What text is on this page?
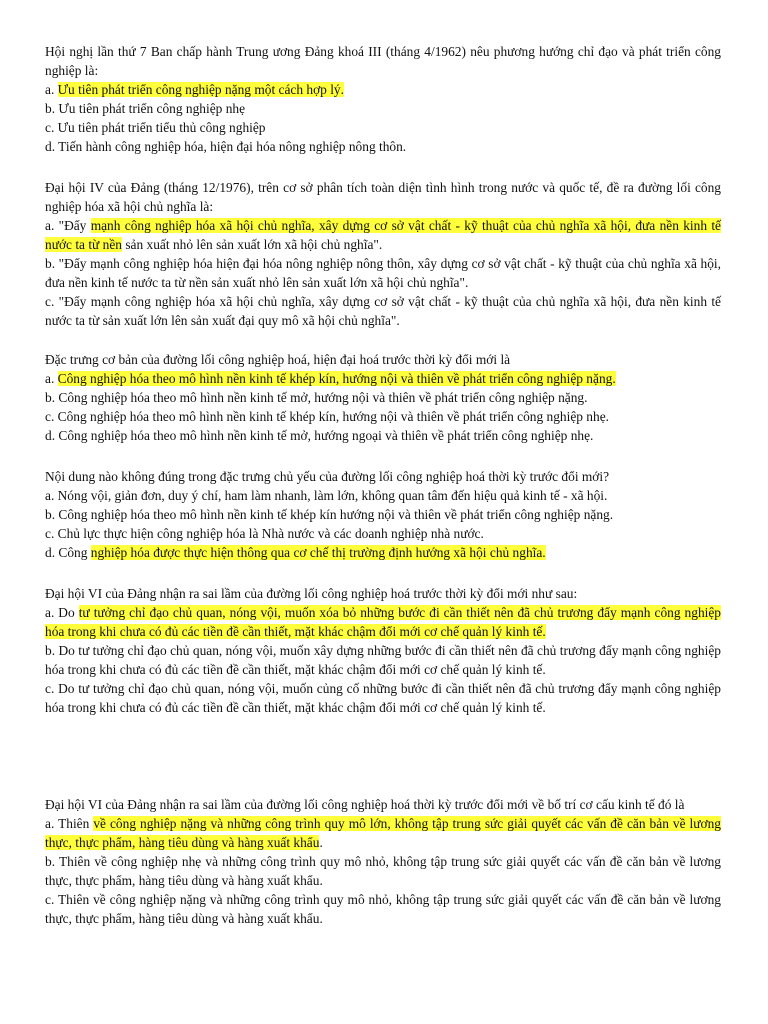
Hội nghị lần thứ 7 Ban chấp hành Trung ương Đảng khoá III (tháng 4/1962) nêu phương hướng chỉ đạo và phát triển công nghiệp là:

a. Ưu tiên phát triển công nghiệp nặng một cách hợp lý.

b. Ưu tiên phát triển công nghiệp nhẹ

c. Ưu tiên phát triển tiểu thủ công nghiệp

d. Tiến hành công nghiệp hóa, hiện đại hóa nông nghiệp nông thôn.

Đại hội IV của Đảng (tháng 12/1976), trên cơ sở phân tích toàn diện tình hình trong nước và quốc tế, đề ra đường lối công nghiệp hóa xã hội chủ nghĩa là:

a. "Đẩy mạnh công nghiệp hóa xã hội chủ nghĩa, xây dựng cơ sở vật chất - kỹ thuật của chủ nghĩa xã hội, đưa nền kinh tế nước ta từ nền sản xuất nhỏ lên sản xuất lớn xã hội chủ nghĩa".

b. "Đẩy mạnh công nghiệp hóa hiện đại hóa nông nghiệp nông thôn, xây dựng cơ sở vật chất - kỹ thuật của chủ nghĩa xã hội, đưa nền kinh tế nước ta từ nền sản xuất nhỏ lên sản xuất lớn xã hội chủ nghĩa".

c. "Đẩy mạnh công nghiệp hóa xã hội chủ nghĩa, xây dựng cơ sở vật chất - kỹ thuật của chủ nghĩa xã hội, đưa nền kinh tế nước ta từ sản xuất lớn lên sản xuất đại quy mô xã hội chủ nghĩa".

Đặc trưng cơ bản của đường lối công nghiệp hoá, hiện đại hoá trước thời kỳ đổi mới là

a. Công nghiệp hóa theo mô hình nền kinh tế khép kín, hướng nội và thiên về phát triển công nghiệp nặng.

b. Công nghiệp hóa theo mô hình nền kinh tế mở, hướng nội và thiên về phát triển công nghiệp nặng.

c. Công nghiệp hóa theo mô hình nền kinh tế khép kín, hướng nội và thiên về phát triển công nghiệp nhẹ.

d. Công nghiệp hóa theo mô hình nền kinh tế mở, hướng ngoại và thiên về phát triển công nghiệp nhẹ.

Nội dung nào không đúng trong đặc trưng chủ yếu của đường lối công nghiệp hoá thời kỳ trước đổi mới?

a. Nóng vội, giản đơn, duy ý chí, ham làm nhanh, làm lớn, không quan tâm đến hiệu quả kinh tế - xã hội.

b. Công nghiệp hóa theo mô hình nền kinh tế khép kín hướng nội và thiên về phát triển công nghiệp nặng.

c. Chủ lực thực hiện công nghiệp hóa là Nhà nước và các doanh nghiệp nhà nước.

d. Công nghiệp hóa được thực hiện thông qua cơ chế thị trường định hướng xã hội chủ nghĩa.

Đại hội VI của Đảng nhận ra sai lầm của đường lối công nghiệp hoá trước thời kỳ đổi mới như sau:

a. Do tư tưởng chỉ đạo chủ quan, nóng vội, muốn xóa bỏ những bước đi cần thiết nên đã chủ trương đẩy mạnh công nghiệp hóa trong khi chưa có đủ các tiền đề cần thiết, mặt khác chậm đổi mới cơ chế quản lý kinh tế.

b. Do tư tưởng chỉ đạo chủ quan, nóng vội, muốn xây dựng những bước đi cần thiết nên đã chủ trương đẩy mạnh công nghiệp hóa trong khi chưa có đủ các tiền đề cần thiết, mặt khác chậm đổi mới cơ chế quản lý kinh tế.

c. Do tư tưởng chỉ đạo chủ quan, nóng vội, muốn củng cố những bước đi cần thiết nên đã chủ trương đẩy mạnh công nghiệp hóa trong khi chưa có đủ các tiền đề cần thiết, mặt khác chậm đổi mới cơ chế quản lý kinh tế.

Đại hội VI của Đảng nhận ra sai lầm của đường lối công nghiệp hoá thời kỳ trước đổi mới về bố trí cơ cấu kinh tế đó là

a. Thiên về công nghiệp nặng và những công trình quy mô lớn, không tập trung sức giải quyết các vấn đề căn bản về lương thực, thực phẩm, hàng tiêu dùng và hàng xuất khẩu.

b. Thiên về công nghiệp nhẹ và những công trình quy mô nhỏ, không tập trung sức giải quyết các vấn đề căn bản về lương thực, thực phẩm, hàng tiêu dùng và hàng xuất khẩu.

c. Thiên về công nghiệp nặng và những công trình quy mô nhỏ, không tập trung sức giải quyết các vấn đề căn bản về lương thực, thực phẩm, hàng tiêu dùng và hàng xuất khẩu.
